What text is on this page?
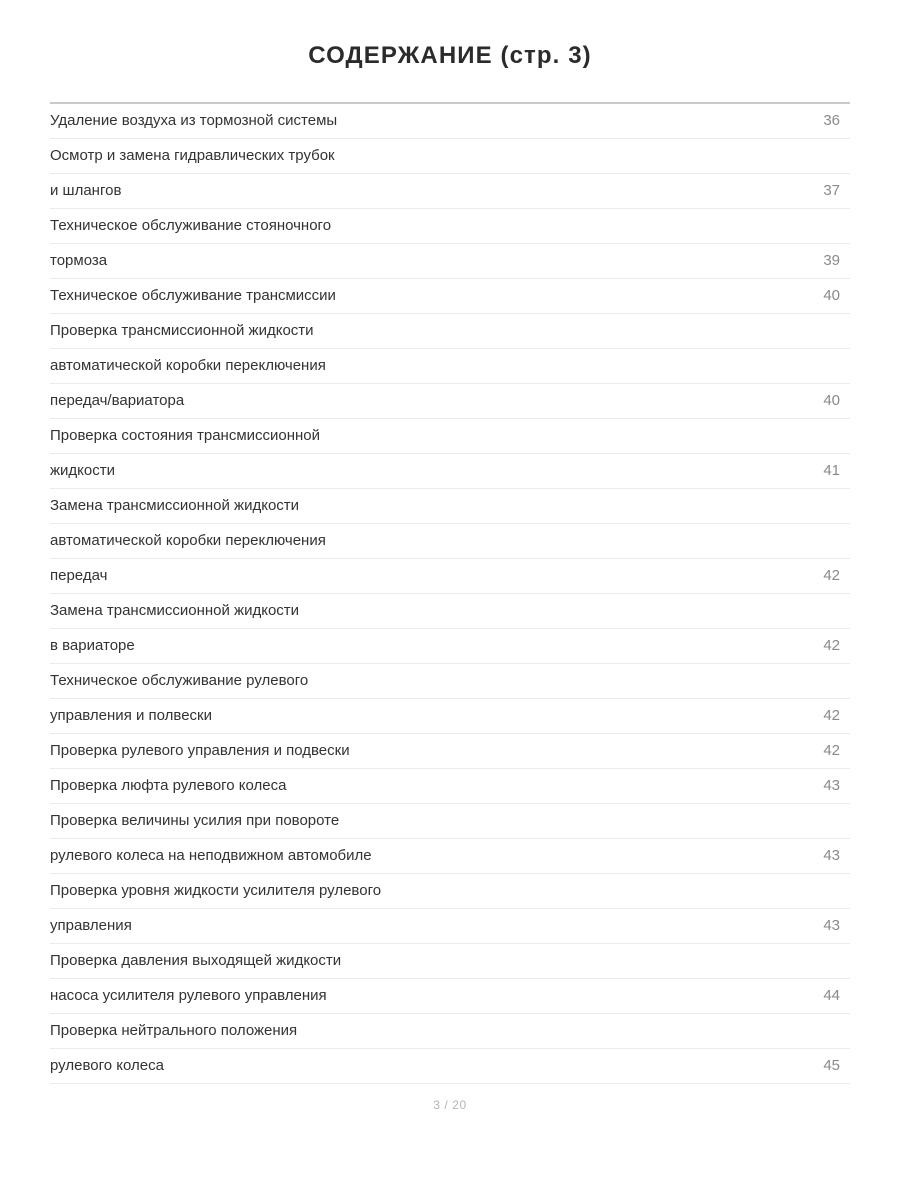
СОДЕРЖАНИЕ (стр. 3)
Удаление воздуха из тормозной системы	36
Осмотр и замена гидравлических трубок	
и шлангов	37
Техническое обслуживание стояночного	
тормоза	39
Техническое обслуживание трансмиссии	40
Проверка трансмиссионной жидкости	
автоматической коробки переключения	
передач/вариатора	40
Проверка состояния трансмиссионной	
жидкости	41
Замена трансмиссионной жидкости	
автоматической коробки переключения	
передач	42
Замена трансмиссионной жидкости	
в вариаторе	42
Техническое обслуживание рулевого	
управления и полвески	42
Проверка рулевого управления и подвески	42
Проверка люфта рулевого колеса	43
Проверка величины усилия при повороте	
рулевого колеса на неподвижном автомобиле	43
Проверка уровня жидкости усилителя рулевого	
управления	43
Проверка давления выходящей жидкости	
насоса усилителя рулевого управления	44
Проверка нейтрального положения	
рулевого колеса	45
3 / 20
